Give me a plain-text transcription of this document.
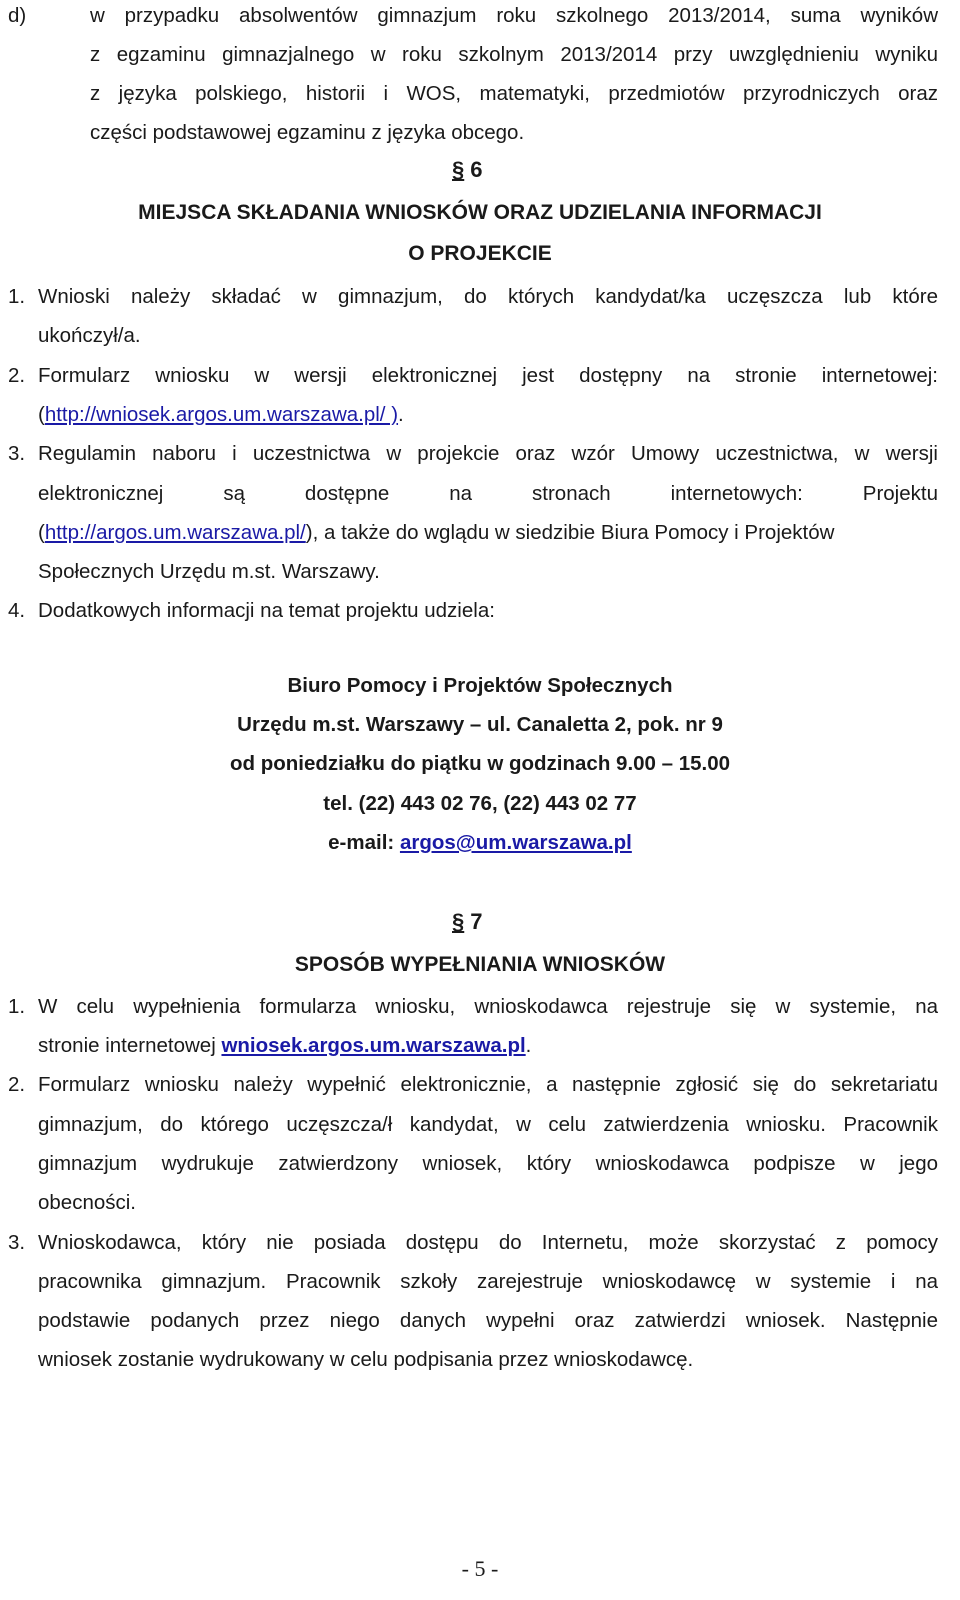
d)	w przypadku absolwentów gimnazjum roku szkolnego 2013/2014, suma wyników
z egzaminu gimnazjalnego w roku szkolnym 2013/2014 przy uwzględnieniu wyniku
z języka polskiego, historii i WOS, matematyki, przedmiotów przyrodniczych oraz
części podstawowej egzaminu z języka obcego.
§ 6
MIEJSCA SKŁADANIA WNIOSKÓW ORAZ UDZIELANIA INFORMACJI
O PROJEKCIE
1. Wnioski należy składać w gimnazjum, do których kandydat/ka uczęszcza lub które
ukończył/a.
2. Formularz wniosku w wersji elektronicznej jest dostępny na stronie internetowej:
(http://wniosek.argos.um.warszawa.pl/ ).
3. Regulamin naboru i uczestnictwa w projekcie oraz wzór Umowy uczestnictwa, w wersji
elektronicznej są dostępne na stronach internetowych: Projektu
(http://argos.um.warszawa.pl/), a także do wglądu w siedzibie Biura Pomocy i Projektów
Społecznych Urzędu m.st. Warszawy.
4. Dodatkowych informacji na temat projektu udziela:
Biuro Pomocy i Projektów Społecznych
Urzędu m.st. Warszawy – ul. Canaletta 2, pok. nr 9
od poniedziałku do piątku w godzinach 9.00 – 15.00
tel. (22) 443 02 76, (22) 443 02 77
e-mail: argos@um.warszawa.pl
§ 7
SPOSÓB WYPEŁNIANIA WNIOSKÓW
1. W celu wypełnienia formularza wniosku, wnioskodawca rejestruje się w systemie, na
stronie internetowej wniosek.argos.um.warszawa.pl.
2. Formularz wniosku należy wypełnić elektronicznie, a następnie zgłosić się do sekretariatu
gimnazjum, do którego uczęszcza/ł kandydat, w celu zatwierdzenia wniosku. Pracownik
gimnazjum wydrukuje zatwierdzony wniosek, który wnioskodawca podpisze w jego
obecności.
3. Wnioskodawca, który nie posiada dostępu do Internetu, może skorzystać z pomocy
pracownika gimnazjum. Pracownik szkoły zarejestruje wnioskodawcę w systemie i na
podstawie podanych przez niego danych wypełni oraz zatwierdzi wniosek. Następnie
wniosek zostanie wydrukowany w celu podpisania przez wnioskodawcę.
- 5 -
